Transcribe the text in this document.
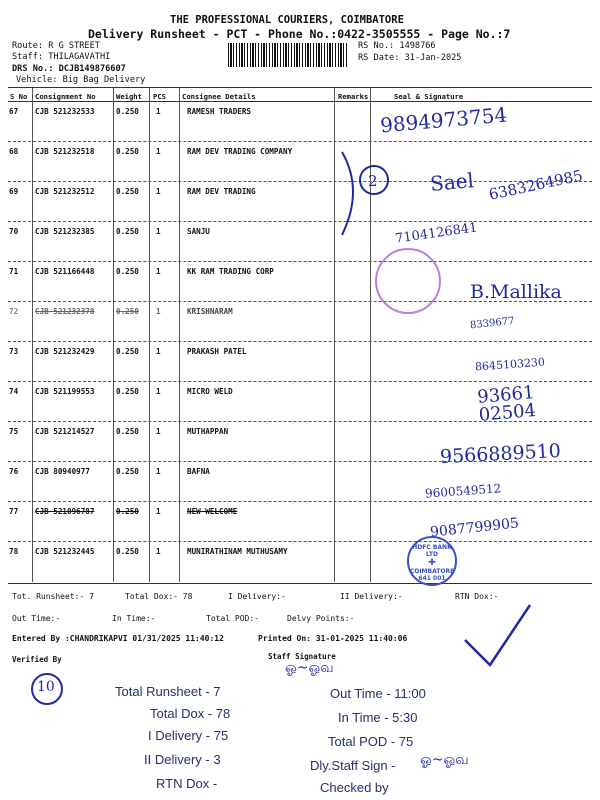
THE PROFESSIONAL COURIERS, COIMBATORE
Delivery Runsheet - PCT - Phone No.:0422-3505555 - Page No.:7
Route: R G STREET
Staff: THILAGAVATHI
DRS No.: DCJB149876607
Vehicle: Big Bag Delivery
RS No.: 1498766
RS Date: 31-Jan-2025
S No Consignment No	Weight PCS Consignee Details	Remarks	Seal & Signature
67 CJB 521232533	0.250 1	RAMESH TRADERS
68 CJB 521232518	0.250 1	RAM DEV TRADING COMPANY
69 CJB 521232512	0.250 1	RAM DEV TRADING
70 CJB 521232385	0.250 1	SANJU
71 CJB 521166448	0.250 1	KK RAM TRADING CORP
72 CJB 521232378	0.250 1	KRISHNARAM
73 CJB 521232429	0.250 1	PRAKASH PATEL
74 CJB 521199553	0.250 1	MICRO WELD
75 CJB 521214527	0.250 1	MUTHAPPAN
76 CJB 80940977	0.250 1	BAFNA
77 CJB 521096787	0.250 1	NEW WELCOME
78 CJB 521232445	0.250 1	MUNIRATHINAM MUTHUSAMY
9894973754
2	Sael 6383264985
7104126841
B.Mallika
8339677
8645103230
93661 02504
9566889510
9600549512
9087799905
HDFC BANK LTD
✚
COIMBATORE
641 001
Tot. Runsheet:- 7	Total Dox:- 78	I Delivery:-	II Delivery:-	RTN Dox:-
Out Time:-	In Time:-	Total POD:-	Delvy Points:-
Entered By :CHANDRIKAPVI 01/31/2025 11:40:12	Printed On: 31-01-2025 11:40:06
Verified By	Staff Signature
10
ஓ~ஓவ
Total Runsheet - 7
Total Dox - 78
I Delivery - 75
II Delivery - 3
RTN Dox -
Out Time - 11:00
In Time - 5:30
Total POD - 75
Dly.Staff Sign - ஓ~ஓவ
Checked by
